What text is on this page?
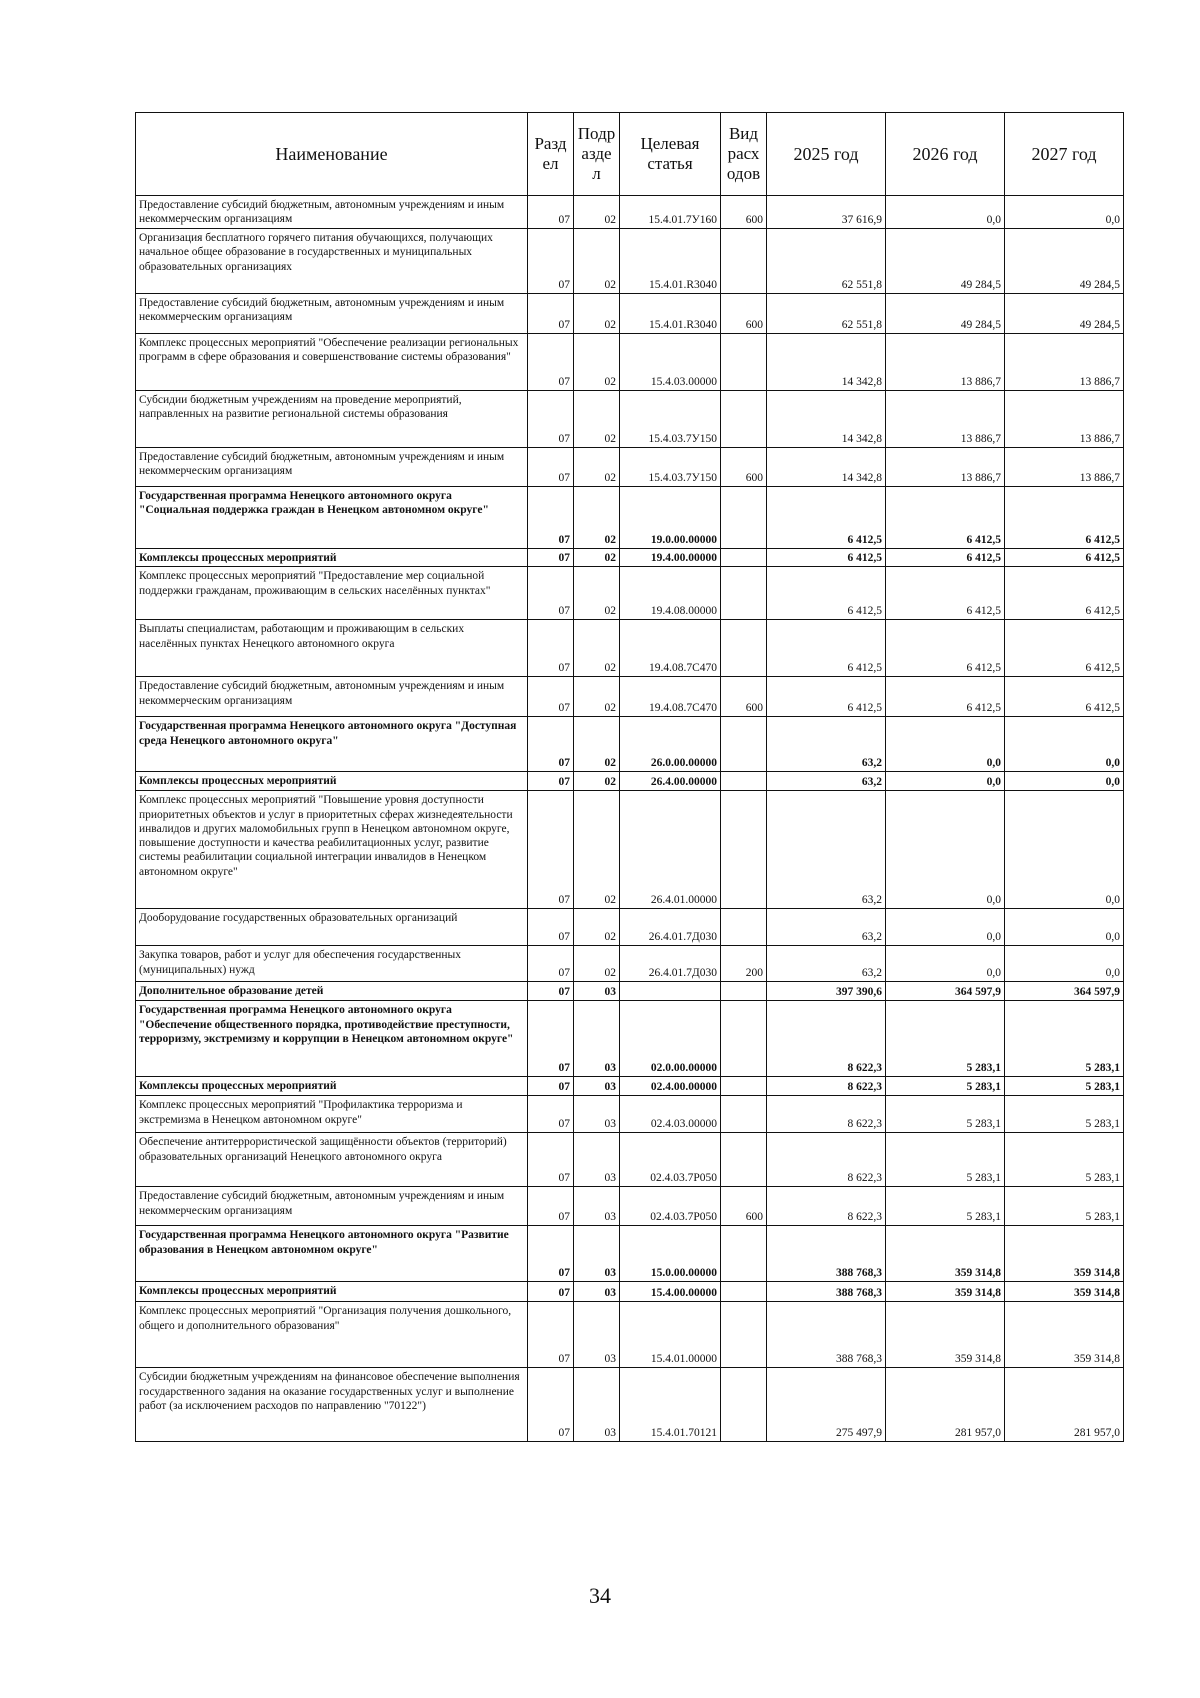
Наименование	Разд ел	Подр азде л	Целевая статья	Вид расх одов	2025 год	2026 год	2027 год
Предоставление субсидий бюджетным, автономным учреждениям и иным некоммерческим организациям	07	02	15.4.01.7У160	600	37 616,9	0,0	0,0
Организация бесплатного горячего питания обучающихся, получающих начальное общее образование в государственных и муниципальных образовательных организациях	07	02	15.4.01.R3040		62 551,8	49 284,5	49 284,5
Предоставление субсидий бюджетным, автономным учреждениям и иным некоммерческим организациям	07	02	15.4.01.R3040	600	62 551,8	49 284,5	49 284,5
Комплекс процессных мероприятий "Обеспечение реализации региональных программ в сфере образования и совершенствование системы образования"	07	02	15.4.03.00000		14 342,8	13 886,7	13 886,7
Субсидии бюджетным учреждениям на проведение мероприятий, направленных на развитие региональной системы образования	07	02	15.4.03.7У150		14 342,8	13 886,7	13 886,7
Предоставление субсидий бюджетным, автономным учреждениям и иным некоммерческим организациям	07	02	15.4.03.7У150	600	14 342,8	13 886,7	13 886,7
Государственная программа Ненецкого автономного округа "Социальная поддержка граждан в Ненецком автономном округе"	07	02	19.0.00.00000		6 412,5	6 412,5	6 412,5
Комплексы процессных мероприятий	07	02	19.4.00.00000		6 412,5	6 412,5	6 412,5
Комплекс процессных мероприятий "Предоставление мер социальной поддержки гражданам, проживающим в сельских населённых пунктах"	07	02	19.4.08.00000		6 412,5	6 412,5	6 412,5
Выплаты специалистам, работающим и проживающим в сельских населённых пунктах Ненецкого автономного округа	07	02	19.4.08.7С470		6 412,5	6 412,5	6 412,5
Предоставление субсидий бюджетным, автономным учреждениям и иным некоммерческим организациям	07	02	19.4.08.7С470	600	6 412,5	6 412,5	6 412,5
Государственная программа Ненецкого автономного округа "Доступная среда Ненецкого автономного округа"	07	02	26.0.00.00000		63,2	0,0	0,0
Комплексы процессных мероприятий	07	02	26.4.00.00000		63,2	0,0	0,0
Комплекс процессных мероприятий "Повышение уровня доступности приоритетных объектов и услуг в приоритетных сферах жизнедеятельности инвалидов и других маломобильных групп в Ненецком автономном округе, повышение доступности и качества реабилитационных услуг, развитие системы реабилитации социальной интеграции инвалидов в Ненецком автономном округе"	07	02	26.4.01.00000		63,2	0,0	0,0
Дооборудование государственных образовательных организаций	07	02	26.4.01.7Д030		63,2	0,0	0,0
Закупка товаров, работ и услуг для обеспечения государственных (муниципальных) нужд	07	02	26.4.01.7Д030	200	63,2	0,0	0,0
Дополнительное образование детей	07	03			397 390,6	364 597,9	364 597,9
Государственная программа Ненецкого автономного округа "Обеспечение общественного порядка, противодействие преступности, терроризму, экстремизму и коррупции в Ненецком автономном округе"	07	03	02.0.00.00000		8 622,3	5 283,1	5 283,1
Комплексы процессных мероприятий	07	03	02.4.00.00000		8 622,3	5 283,1	5 283,1
Комплекс процессных мероприятий "Профилактика терроризма и экстремизма в Ненецком автономном округе"	07	03	02.4.03.00000		8 622,3	5 283,1	5 283,1
Обеспечение антитеррористической защищённости объектов (территорий) образовательных организаций Ненецкого автономного округа	07	03	02.4.03.7Р050		8 622,3	5 283,1	5 283,1
Предоставление субсидий бюджетным, автономным учреждениям и иным некоммерческим организациям	07	03	02.4.03.7Р050	600	8 622,3	5 283,1	5 283,1
Государственная программа Ненецкого автономного округа "Развитие образования в Ненецком автономном округе"	07	03	15.0.00.00000		388 768,3	359 314,8	359 314,8
Комплексы процессных мероприятий	07	03	15.4.00.00000		388 768,3	359 314,8	359 314,8
Комплекс процессных мероприятий "Организация получения дошкольного, общего и дополнительного образования"	07	03	15.4.01.00000		388 768,3	359 314,8	359 314,8
Субсидии бюджетным учреждениям на финансовое обеспечение выполнения государственного задания на оказание государственных услуг и выполнение работ (за исключением расходов по направлению "70122")	07	03	15.4.01.70121		275 497,9	281 957,0	281 957,0
34
